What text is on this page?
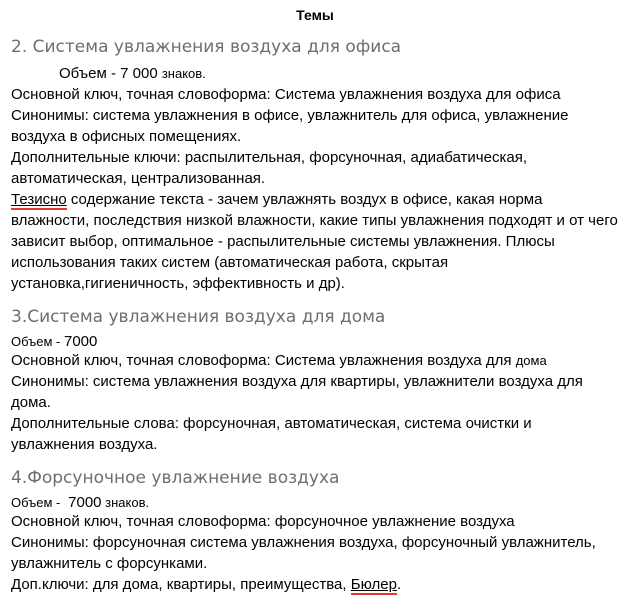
Темы
2. Система увлажнения воздуха для офиса

Объем - 7 000 знаков.

Основной ключ, точная словоформа: Система увлажнения воздуха для офиса

Синонимы: система увлажнения в офисе, увлажнитель для офиса, увлажнение воздуха в офисных помещениях.

Дополнительные ключи: распылительная, форсуночная, адиабатическая, автоматическая, централизованная.

Тезисно содержание текста - зачем увлажнять воздух в офисе, какая норма влажности, последствия низкой влажности, какие типы увлажнения подходят и от чего зависит выбор, оптимальное - распылительные системы увлажнения. Плюсы использования таких систем (автоматическая работа, скрытая установка,гигиеничность, эффективность и др).

3.Система увлажнения воздуха для дома

Объем - 7000

Основной ключ, точная словоформа: Система увлажнения воздуха для дома

Синонимы: система увлажнения воздуха для квартиры, увлажнители воздуха для дома.

Дополнительные слова: форсуночная, автоматическая, система очистки и увлажнения воздуха.

4.Форсуночное увлажнение воздуха

Объем -  7000 знаков.

Основной ключ, точная словоформа: форсуночное увлажнение воздуха

Синонимы: форсуночная система увлажнения воздуха, форсуночный увлажнитель, увлажнитель с форсунками.

Доп.ключи: для дома, квартиры, преимущества, Бюлер.
